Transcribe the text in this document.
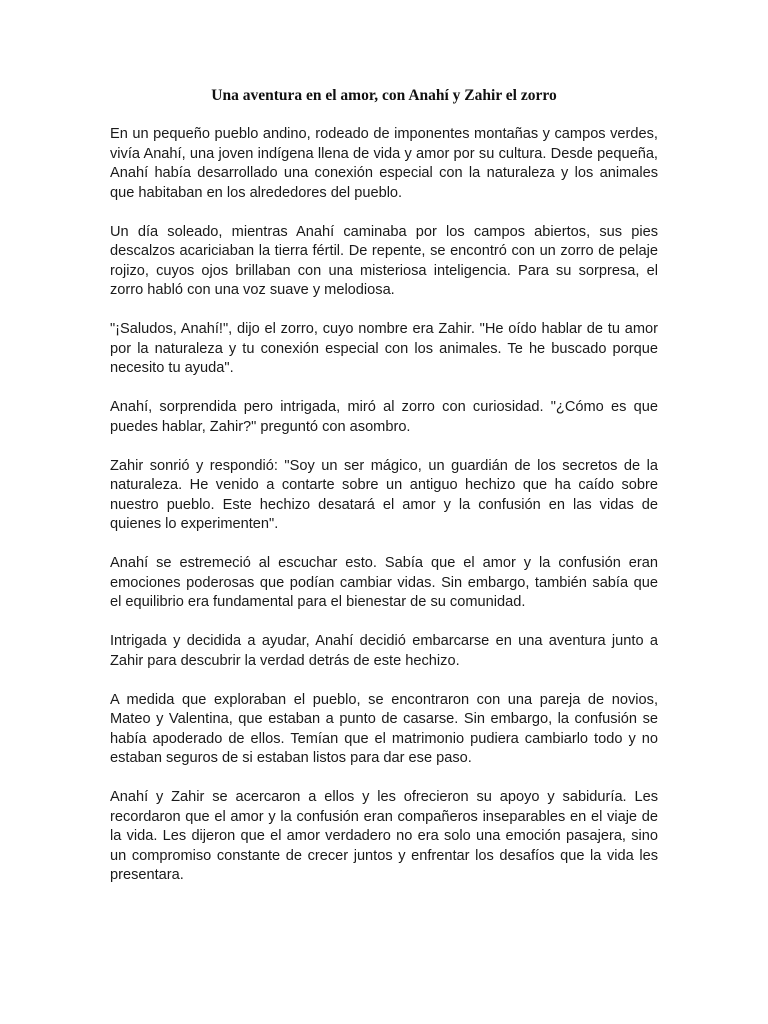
Una aventura en el amor, con Anahí y Zahir el zorro

En un pequeño pueblo andino, rodeado de imponentes montañas y campos verdes, vivía Anahí, una joven indígena llena de vida y amor por su cultura. Desde pequeña, Anahí había desarrollado una conexión especial con la naturaleza y los animales que habitaban en los alrededores del pueblo.

Un día soleado, mientras Anahí caminaba por los campos abiertos, sus pies descalzos acariciaban la tierra fértil. De repente, se encontró con un zorro de pelaje rojizo, cuyos ojos brillaban con una misteriosa inteligencia. Para su sorpresa, el zorro habló con una voz suave y melodiosa.

"¡Saludos, Anahí!", dijo el zorro, cuyo nombre era Zahir. "He oído hablar de tu amor por la naturaleza y tu conexión especial con los animales. Te he buscado porque necesito tu ayuda".

Anahí, sorprendida pero intrigada, miró al zorro con curiosidad. "¿Cómo es que puedes hablar, Zahir?" preguntó con asombro.

Zahir sonrió y respondió: "Soy un ser mágico, un guardián de los secretos de la naturaleza. He venido a contarte sobre un antiguo hechizo que ha caído sobre nuestro pueblo. Este hechizo desatará el amor y la confusión en las vidas de quienes lo experimenten".

Anahí se estremeció al escuchar esto. Sabía que el amor y la confusión eran emociones poderosas que podían cambiar vidas. Sin embargo, también sabía que el equilibrio era fundamental para el bienestar de su comunidad.

Intrigada y decidida a ayudar, Anahí decidió embarcarse en una aventura junto a Zahir para descubrir la verdad detrás de este hechizo.

A medida que exploraban el pueblo, se encontraron con una pareja de novios, Mateo y Valentina, que estaban a punto de casarse. Sin embargo, la confusión se había apoderado de ellos. Temían que el matrimonio pudiera cambiarlo todo y no estaban seguros de si estaban listos para dar ese paso.

Anahí y Zahir se acercaron a ellos y les ofrecieron su apoyo y sabiduría. Les recordaron que el amor y la confusión eran compañeros inseparables en el viaje de la vida. Les dijeron que el amor verdadero no era solo una emoción pasajera, sino un compromiso constante de crecer juntos y enfrentar los desafíos que la vida les presentara.
